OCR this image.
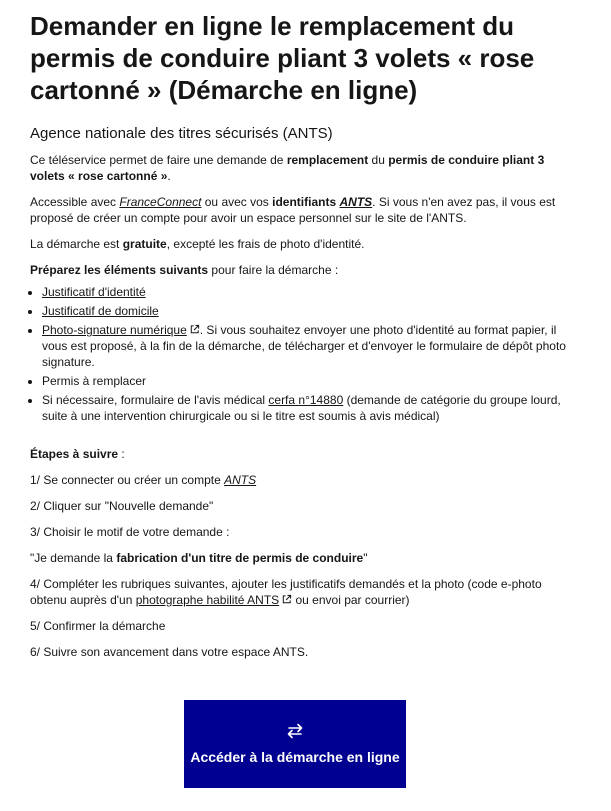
Demander en ligne le remplacement du permis de conduire pliant 3 volets « rose cartonné » (Démarche en ligne)
Agence nationale des titres sécurisés (ANTS)

Ce téléservice permet de faire une demande de remplacement du permis de conduire pliant 3 volets « rose cartonné ».

Accessible avec FranceConnect ou avec vos identifiants ANTS. Si vous n'en avez pas, il vous est proposé de créer un compte pour avoir un espace personnel sur le site de l'ANTS.

La démarche est gratuite, excepté les frais de photo d'identité.

Préparez les éléments suivants pour faire la démarche :

• Justificatif d'identité
• Justificatif de domicile
• Photo-signature numérique . Si vous souhaitez envoyer une photo d'identité au format papier, il vous est proposé, à la fin de la démarche, de télécharger et d'envoyer le formulaire de dépôt photo signature.
• Permis à remplacer
• Si nécessaire, formulaire de l'avis médical cerfa n°14880 (demande de catégorie du groupe lourd, suite à une intervention chirurgicale ou si le titre est soumis à avis médical)

Étapes à suivre :

1/ Se connecter ou créer un compte ANTS

2/ Cliquer sur "Nouvelle demande"

3/ Choisir le motif de votre demande :

"Je demande la fabrication d'un titre de permis de conduire"

4/ Compléter les rubriques suivantes, ajouter les justificatifs demandés et la photo (code e-photo obtenu auprès d'un photographe habilité ANTS ou envoi par courrier)

5/ Confirmer la démarche

6/ Suivre son avancement dans votre espace ANTS.

Accéder à la démarche en ligne
